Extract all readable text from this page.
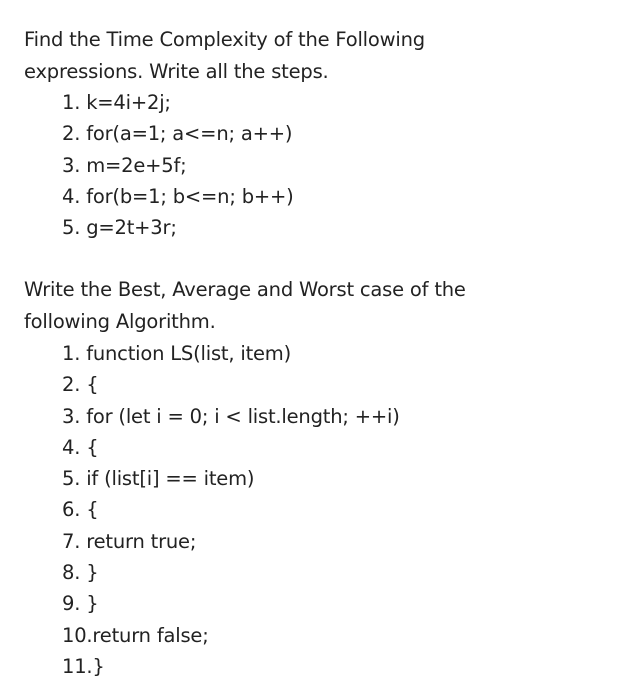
Find the Time Complexity of the Following
expressions. Write all the steps.
1. k=4i+2j;
2. for(a=1; a<=n; a++)
3. m=2e+5f;
4. for(b=1; b<=n; b++)
5. g=2t+3r;
Write the Best, Average and Worst case of the
following Algorithm.
1. function LS(list, item)
2. {
3. for (let i = 0; i < list.length; ++i)
4. {
5. if (list[i] == item)
6. {
7. return true;
8. }
9. }
10.return false;
11.}
